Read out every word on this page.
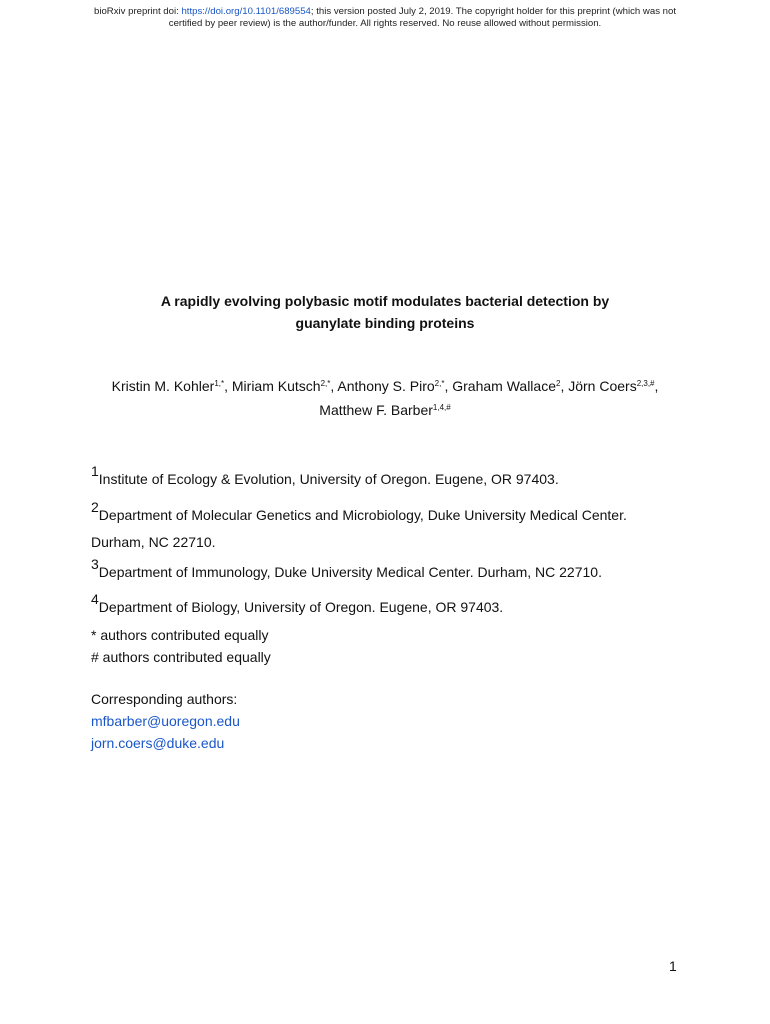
bioRxiv preprint doi: https://doi.org/10.1101/689554; this version posted July 2, 2019. The copyright holder for this preprint (which was not
certified by peer review) is the author/funder. All rights reserved. No reuse allowed without permission.
A rapidly evolving polybasic motif modulates bacterial detection by
guanylate binding proteins
Kristin M. Kohler$^{1,*}$, Miriam Kutsch$^{2,*}$, Anthony S. Piro$^{2,*}$, Graham Wallace$^2$, Jörn Coers$^{2,3,\#}$, Matthew F. Barber$^{1,4,\#}$
1Institute of Ecology & Evolution, University of Oregon. Eugene, OR 97403.
2Department of Molecular Genetics and Microbiology, Duke University Medical Center.
Durham, NC 22710.
3Department of Immunology, Duke University Medical Center. Durham, NC 22710.
4Department of Biology, University of Oregon. Eugene, OR 97403.
* authors contributed equally
# authors contributed equally
Corresponding authors:
mfbarber@uoregon.edu
jorn.coers@duke.edu
1
